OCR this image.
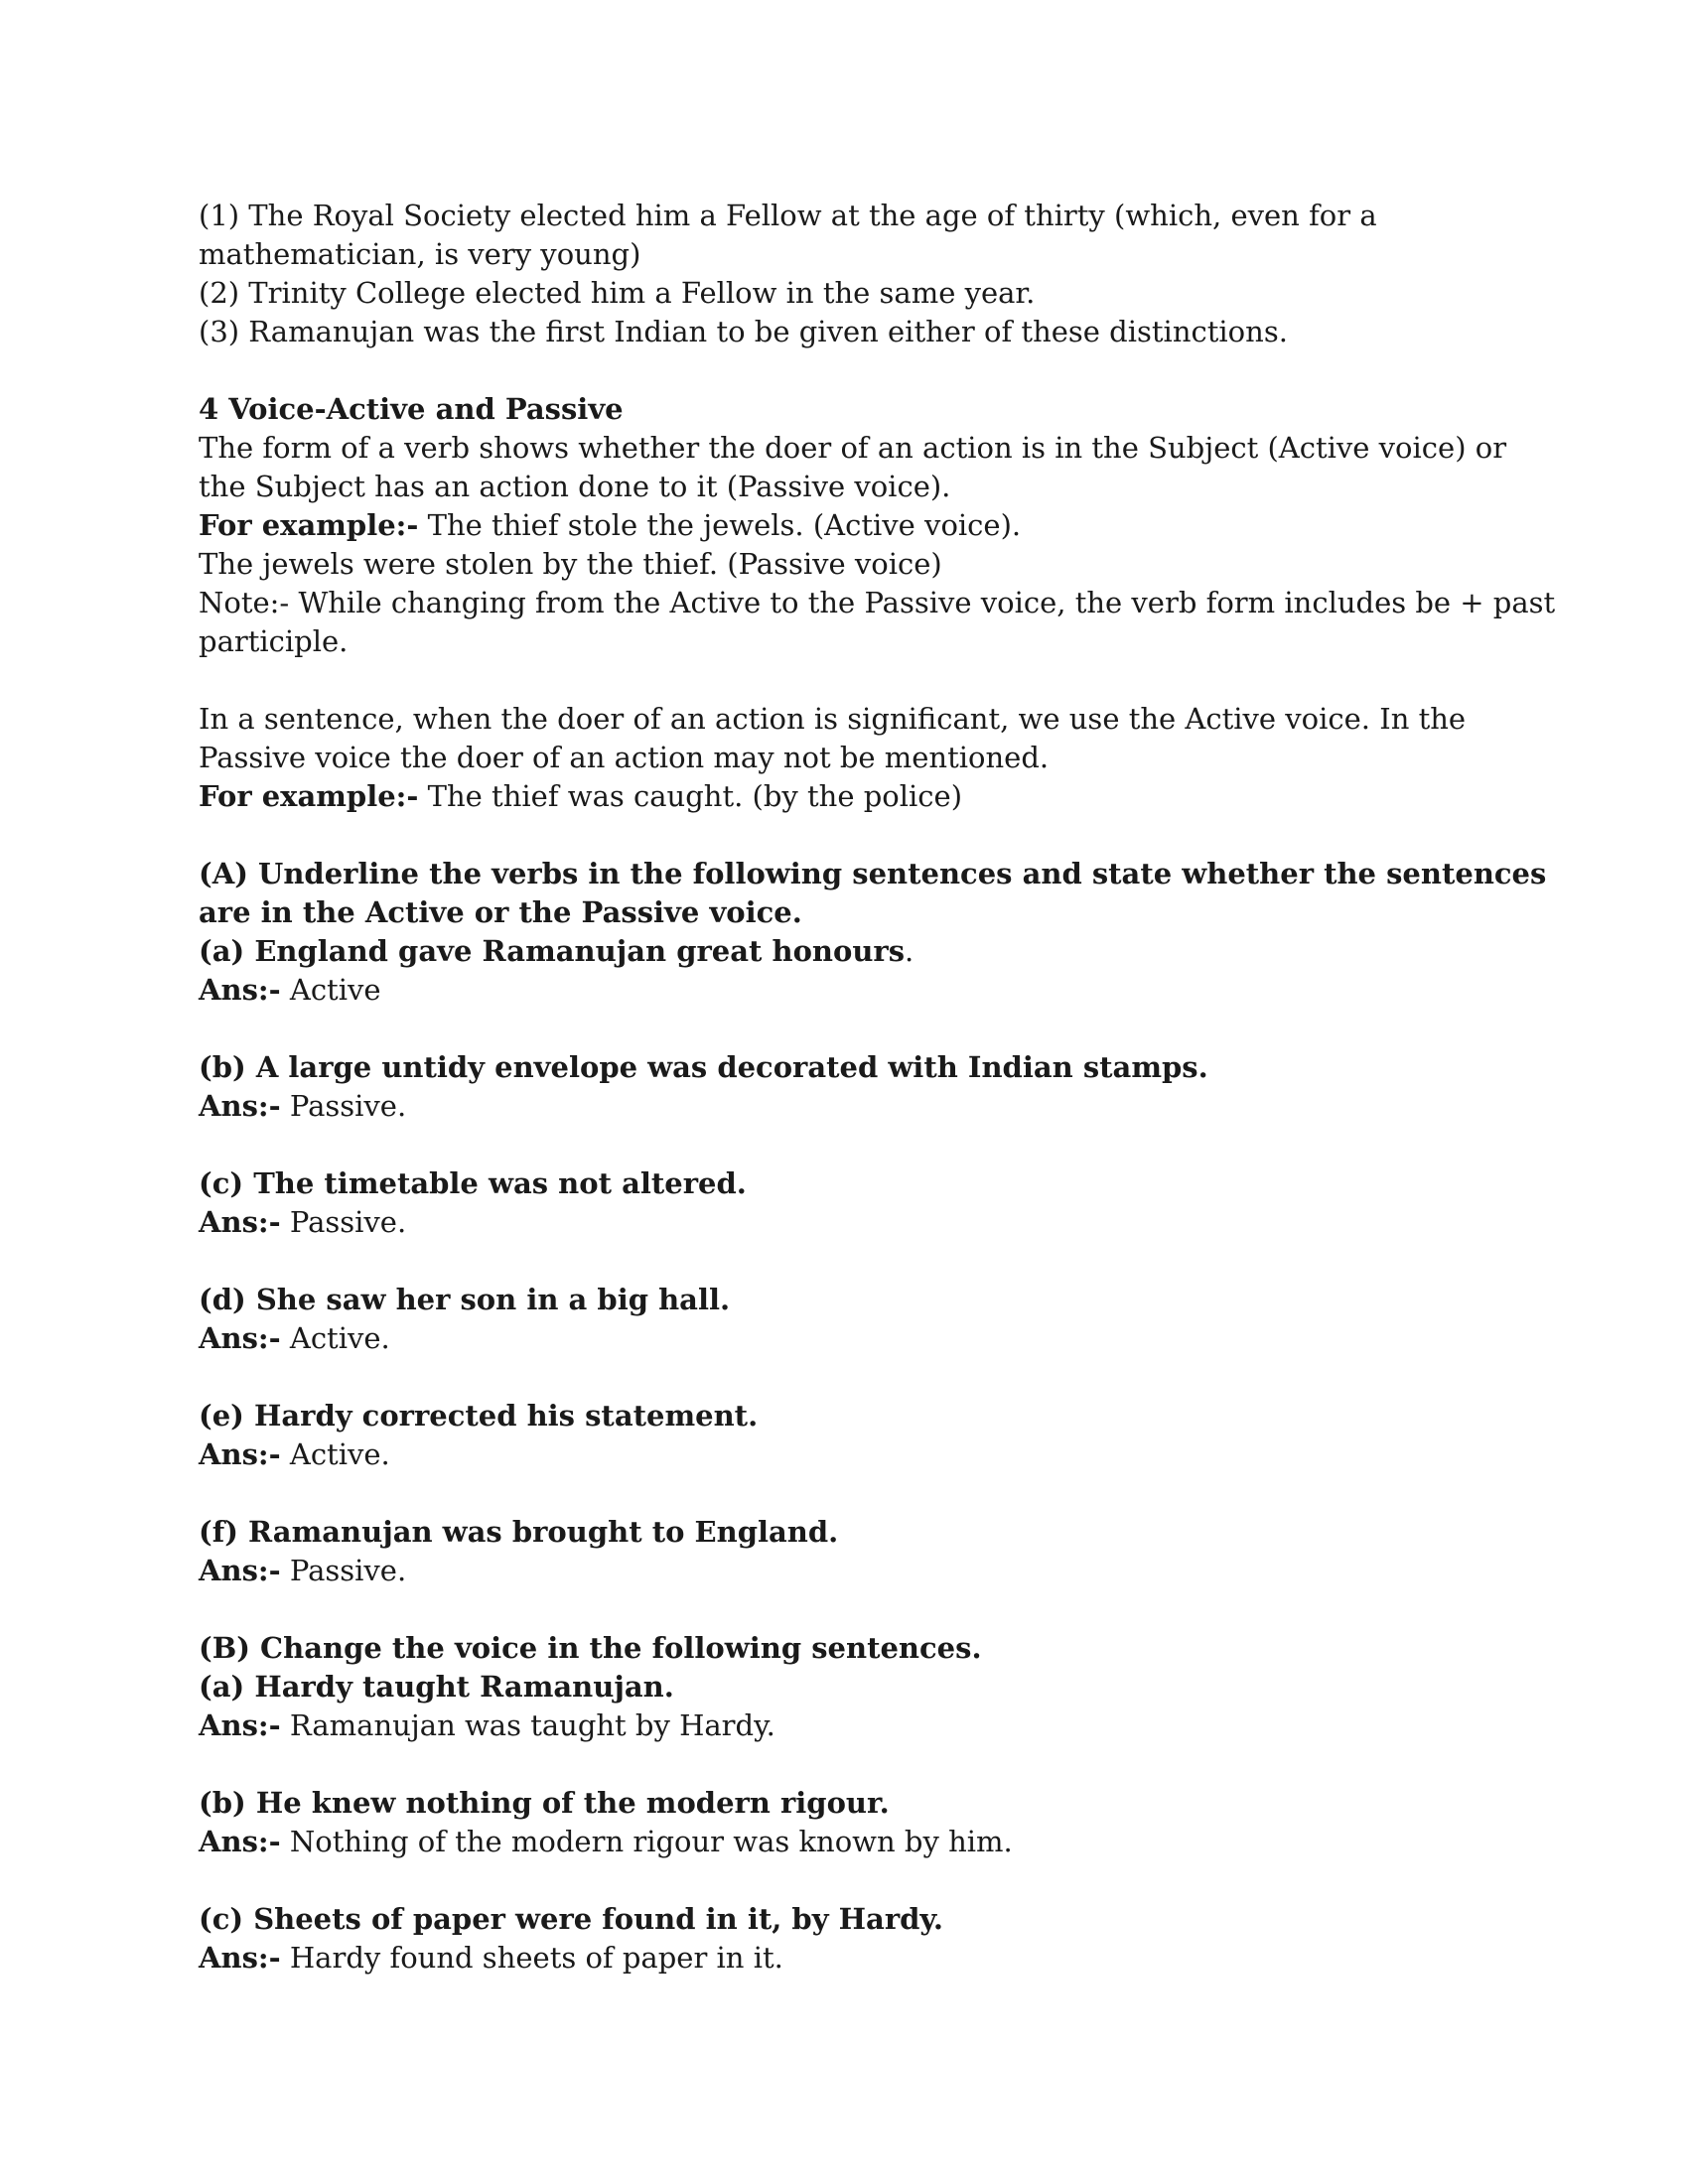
(1) The Royal Society elected him a Fellow at the age of thirty (which, even for a
mathematician, is very young)
(2) Trinity College elected him a Fellow in the same year.
(3) Ramanujan was the first Indian to be given either of these distinctions.
4 Voice-Active and Passive
The form of a verb shows whether the doer of an action is in the Subject (Active voice) or
the Subject has an action done to it (Passive voice).
For example:- The thief stole the jewels. (Active voice).
The jewels were stolen by the thief. (Passive voice)
Note:- While changing from the Active to the Passive voice, the verb form includes be + past
participle.
In a sentence, when the doer of an action is significant, we use the Active voice. In the
Passive voice the doer of an action may not be mentioned.
For example:- The thief was caught. (by the police)
(A) Underline the verbs in the following sentences and state whether the sentences
are in the Active or the Passive voice.
(a) England gave Ramanujan great honours.
Ans:- Active
(b) A large untidy envelope was decorated with Indian stamps.
Ans:- Passive.
(c) The timetable was not altered.
Ans:- Passive.
(d) She saw her son in a big hall.
Ans:- Active.
(e) Hardy corrected his statement.
Ans:- Active.
(f) Ramanujan was brought to England.
Ans:- Passive.
(B) Change the voice in the following sentences.
(a) Hardy taught Ramanujan.
Ans:- Ramanujan was taught by Hardy.
(b) He knew nothing of the modern rigour.
Ans:- Nothing of the modern rigour was known by him.
(c) Sheets of paper were found in it, by Hardy.
Ans:- Hardy found sheets of paper in it.
